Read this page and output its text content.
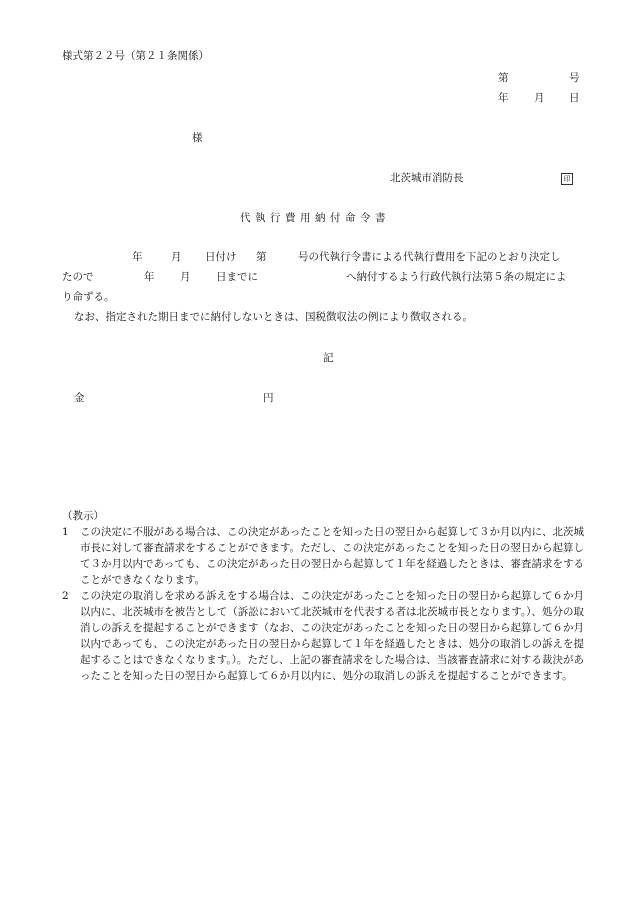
様式第２２号（第２１条関係）
第	号
年 月 日
様
北茨城市消防長	印
代執行費用納付命令書
年	月 日付け 第	号の代執行令書による代執行費用を下記のとおり決定し
たので	年 月 日までに	へ納付するよう行政代執行法第５条の規定によ
り命ずる。
なお、指定された期日までに納付しないときは、国税徴収法の例により徴収される。
記
金	円
（教示）
1	この決定に不服がある場合は、この決定があったことを知った日の翌日から起算して３か月以内に、北茨城市長に対して審査請求をすることができます。ただし、この決定があったことを知った日の翌日から起算して３か月以内であっても、この決定があった日の翌日から起算して１年を経過したときは、審査請求をすることができなくなります。
2	この決定の取消しを求める訴えをする場合は、この決定があったことを知った日の翌日から起算して６か月以内に、北茨城市を被告として（訴訟において北茨城市を代表する者は北茨城市長となります。）、処分の取消しの訴えを提起することができます（なお、この決定があったことを知った日の翌日から起算して６か月以内であっても、この決定があった日の翌日から起算して１年を経過したときは、処分の取消しの訴えを提起することはできなくなります。）。ただし、上記の審査請求をした場合は、当該審査請求に対する裁決があったことを知った日の翌日から起算して６か月以内に、処分の取消しの訴えを提起することができます。
